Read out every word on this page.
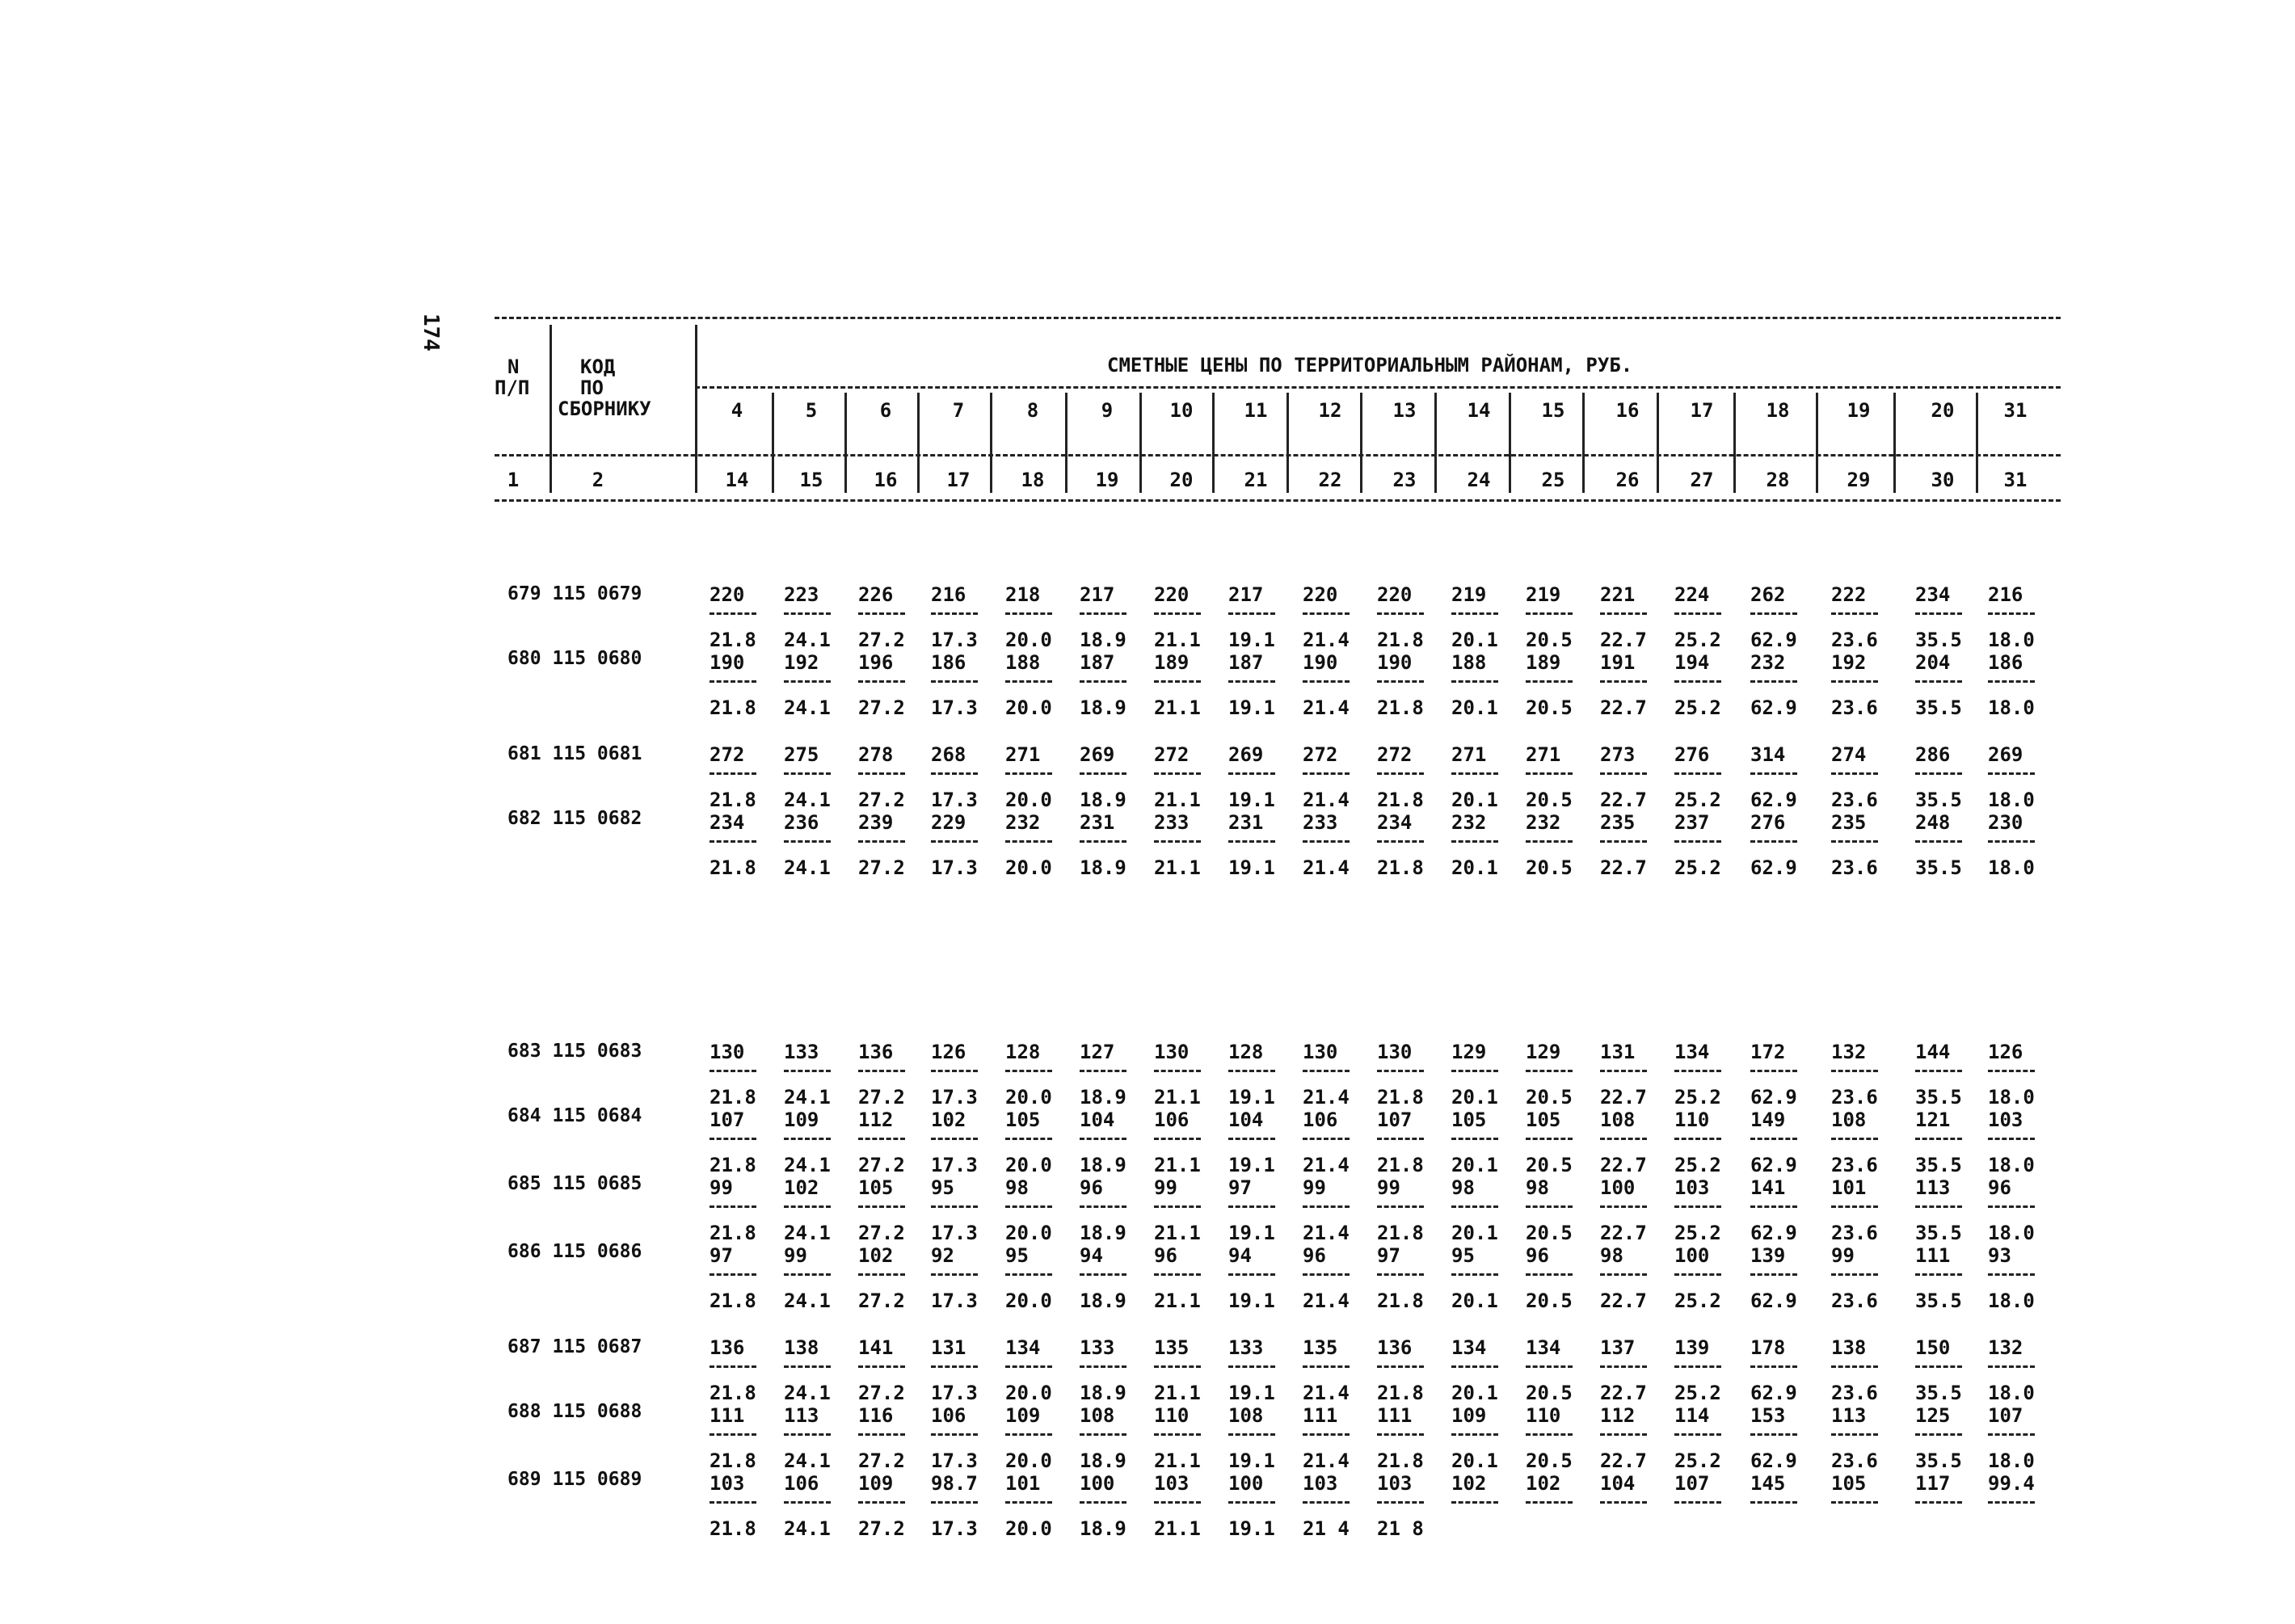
174
N
П/П
КОД
ПО
СБОРНИКУ
СМЕТНЫЕ ЦЕНЫ ПО ТЕРРИТОРИАЛЬНЫМ РАЙОНАМ, РУБ.
1	2
4	5	6	7	8	9	10	11	12	13	14	15	16	17	18	19	20	31
14	15	16	17	18	19	20	21	22	23	24	25	26	27	28	29	30	31
679 115 0679	220 223 226 216 218 217 220 217 220 220 219 219 221 224 262 222	234 216
21.8 24.1 27.2 17.3 20.0 18.9 21.1 19.1 21.4 21.8 20.1 20.5 22.7 25.2 62.9 23.6 35.5 18.0
680 115 0680	190 192 196 186 188 187 189 187 190 190 188 189 191 194 232 192	204 186
21.8 24.1 27.2 17.3 20.0 18.9 21.1 19.1 21.4 21.8 20.1 20.5 22.7 25.2 62.9 23.6 35.5 18.0
681 115 0681	272 275 278 268 271 269 272 269 272 272 271 271 273 276 314 274	286 269
21.8 24.1 27.2 17.3 20.0 18.9 21.1 19.1 21.4 21.8 20.1 20.5 22.7 25.2 62.9 23.6 35.5 18.0
682 115 0682	234 236 239 229 232 231 233 231 233 234 232 232 235 237 276 235	248 230
21.8 24.1 27.2 17.3 20.0 18.9 21.1 19.1 21.4 21.8 20.1 20.5 22.7 25.2 62.9 23.6 35.5 18.0
683 115 0683	130 133 136 126 128 127 130 128 130 130 129 129 131 134 172 132	144 126
21.8 24.1 27.2 17.3 20.0 18.9 21.1 19.1 21.4 21.8 20.1 20.5 22.7 25.2 62.9 23.6 35.5 18.0
684 115 0684	107 109 112 102 105 104 106 104 106 107 105 105 108 110 149 108	121 103
21.8 24.1 27.2 17.3 20.0 18.9 21.1 19.1 21.4 21.8 20.1 20.5 22.7 25.2 62.9 23.6 35.5 18.0
685 115 0685	99	102 105 95	98	96	99	97	99	99	98	98	100 103 141 101	113 96
21.8 24.1 27.2 17.3 20.0 18.9 21.1 19.1 21.4 21.8 20.1 20.5 22.7 25.2 62.9 23.6 35.5 18.0
686 115 0686	97	99	102 92	95	94	96	94	96	97	95	96	98	100 139 99	111 93
21.8 24.1 27.2 17.3 20.0 18.9 21.1 19.1 21.4 21.8 20.1 20.5 22.7 25.2 62.9 23.6 35.5 18.0
687 115 0687	136 138 141 131 134 133 135 133 135 136 134 134 137 139 178 138	150 132
21.8 24.1 27.2 17.3 20.0 18.9 21.1 19.1 21.4 21.8 20.1 20.5 22.7 25.2 62.9 23.6 35.5 18.0
688 115 0688	111 113 116 106 109 108 110 108 111 111 109 110 112 114 153 113	125 107
21.8 24.1 27.2 17.3 20.0 18.9 21.1 19.1 21.4 21.8 20.1 20.5 22.7 25.2 62.9 23.6 35.5 18.0
689 115 0689	103 106 109 98.7 101 100 103 100 103 103 102 102 104 107 145 105	117 99.4
21.8 24.1 27.2 17.3 20.0 18.9 21.1 19.1 21 4 21 8
